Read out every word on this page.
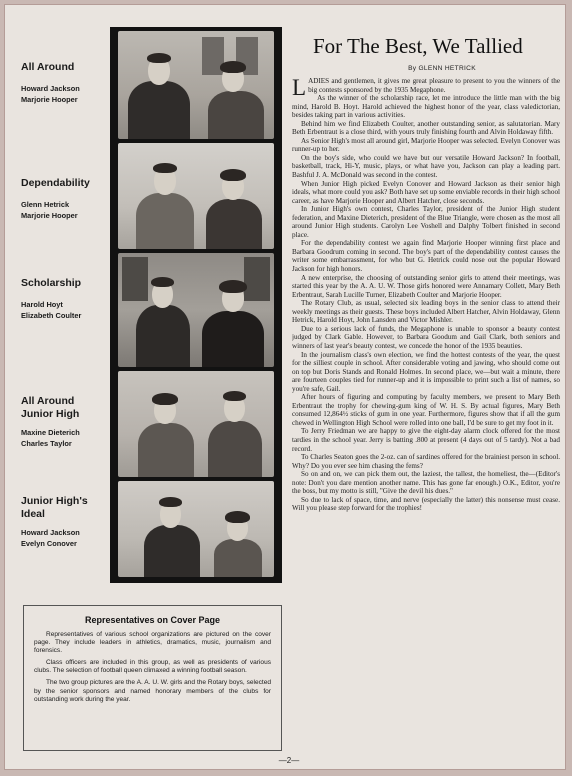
All Around
Howard Jackson
Marjorie Hooper
Dependability
Glenn Hetrick
Marjorie Hooper
Scholarship
Harold Hoyt
Elizabeth Coulter
All Around Junior High
Maxine Dieterich
Charles Taylor
Junior High's Ideal
Howard Jackson
Evelyn Conover
For The Best, We Tallied
By GLENN HETRICK

LADIES and gentlemen, it gives me great pleasure to present to you the winners of the big contests sponsored by the 1935 Megaphone.

As the winner of the scholarship race, let me introduce the little man with the big mind, Harold B. Hoyt. Harold achieved the highest honor of the year, class valedictorian, besides taking part in various activities.

Behind him we find Elizabeth Coulter, another outstanding senior, as salutatorian. Mary Beth Erbentraut is a close third, with yours truly finishing fourth and Alvin Holdaway fifth.

As Senior High's most all around girl, Marjorie Hooper was selected. Evelyn Conover was runner-up to her.

On the boy's side, who could we have but our versatile Howard Jackson? In football, basketball, track, Hi-Y, music, plays, or what have you, Jackson can play a leading part. Bashful J. A. McDonald was second in the contest.

When Junior High picked Evelyn Conover and Howard Jackson as their senior high ideals, what more could you ask? Both have set up some enviable records in their high school career, as have Marjorie Hooper and Albert Hatcher, close seconds.

In Junior High's own contest, Charles Taylor, president of the Junior High student federation, and Maxine Dieterich, president of the Blue Triangle, were chosen as the most all around Junior High students. Carolyn Lee Voshell and Dalphy Tolbert finished in second place.

For the dependability contest we again find Marjorie Hooper winning first place and Barbara Goodrum coming in second. The boy's part of the dependability contest causes the writer some embarrassment, for who but G. Hetrick could nose out the popular Howard Jackson for high honors.

A new enterprise, the choosing of outstanding senior girls to attend their meetings, was started this year by the A. A. U. W. Those girls honored were Annamary Collett, Mary Beth Erbentraut, Sarah Lucille Turner, Elizabeth Coulter and Marjorie Hooper.

The Rotary Club, as usual, selected six leading boys in the senior class to attend their weekly meetings as their guests. These boys included Albert Hatcher, Alvin Holdaway, Glenn Hetrick, Harold Hoyt, John Lansden and Victor Mishler.

Due to a serious lack of funds, the Megaphone is unable to sponsor a beauty contest judged by Clark Gable. However, to Barbara Goodum and Gail Clark, both seniors and winners of last year's beauty contest, we concede the honor of the 1935 beauties.

In the journalism class's own election, we find the hottest contests of the year, the quest for the silliest couple in school. After considerable voting and jawing, who should come out on top but Doris Stands and Ronald Holmes. In second place, we—but wait a minute, there are fourteen couples tied for runner-up and it is impossible to print such a list of names, so you're safe, Gail.

After hours of figuring and computing by faculty members, we present to Mary Beth Erbentraut the trophy for chewing-gum king of W. H. S. By actual figures, Mary Beth consumed 12,864½ sticks of gum in one year. Furthermore, figures show that if all the gum chewed in Wellington High School were rolled into one ball, I'd be sure to get my foot in it.

To Jerry Friedman we are happy to give the eight-day alarm clock offered for the most tardies in the school year. Jerry is batting .800 at present (4 days out of 5 tardy). Not a bad record.

To Charles Seaton goes the 2-oz. can of sardines offered for the brainiest person in school. Why? Do you ever see him chasing the fems?

So on and on, we can pick them out, the laziest, the tallest, the homeliest, the—(Editor's note: Don't you dare mention another name. This has gone far enough.) O.K., Editor, you're the boss, but my motto is still, "Give the devil his dues."

So due to lack of space, time, and nerve (especially the latter) this nonsense must cease. Will you please step forward for the trophies!

Representatives on Cover Page

Representatives of various school organizations are pictured on the cover page. They include leaders in athletics, dramatics, music, journalism and forensics.

Class officers are included in this group, as well as presidents of various clubs. The selection of football queen climaxed a winning football season.

The two group pictures are the A. A. U. W. girls and the Rotary boys, selected by the senior sponsors and named honorary members of the clubs for outstanding work during the year.

—2—
